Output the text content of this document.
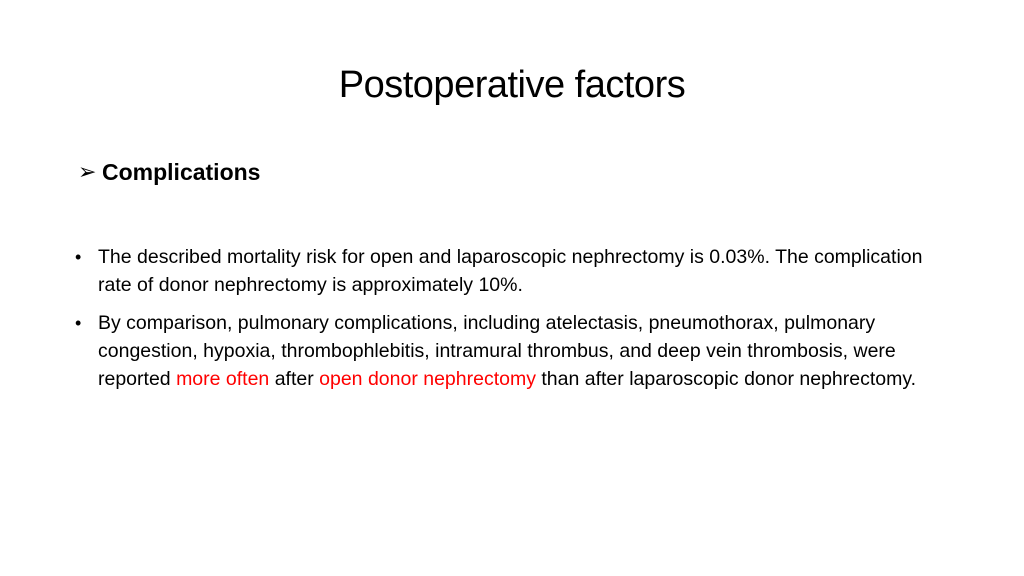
Postoperative factors
➢ Complications
• The described mortality risk for open and laparoscopic nephrectomy is 0.03%. The complication rate of donor nephrectomy is approximately 10%.
• By comparison, pulmonary complications, including atelectasis, pneumothorax, pulmonary congestion, hypoxia, thrombophlebitis, intramural thrombus, and deep vein thrombosis, were reported more often after open donor nephrectomy than after laparoscopic donor nephrectomy.
